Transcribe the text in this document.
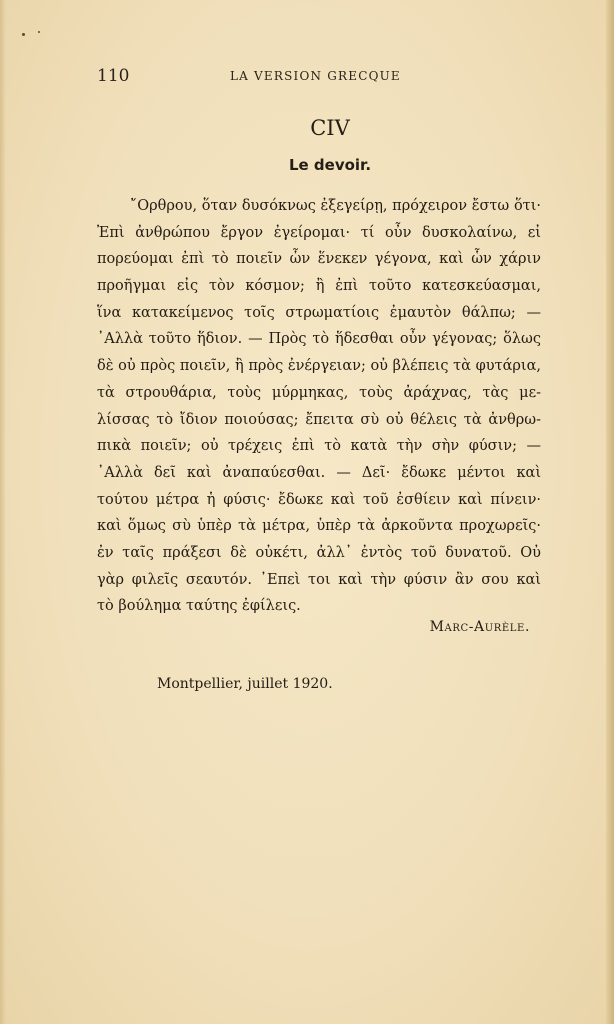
110	LA VERSION GRECQUE
CIV
Le devoir.
῎Ορθρου, ὅταν δυσόκνως ἐξεγείρῃ, πρόχειρον ἔστω ὅτι·
Ἐπὶ ἀνθρώπου ἔργον ἐγείρομαι· τί οὖν δυσκολαίνω, εἰ
πορεύομαι ἐπὶ τὸ ποιεῖν ὧν ἕνεκεν γέγονα, καὶ ὧν χάριν
προῆγμαι εἰς τὸν κόσμον; ἢ ἐπὶ τοῦτο κατεσκεύασμαι,
ἵνα κατακείμενος τοῖς στρωματίοις ἐμαυτὸν θάλπω; —
᾿Αλλὰ τοῦτο ἥδιον. — Πρὸς τὸ ἥδεσθαι οὖν γέγονας; ὅλως
δὲ οὐ πρὸς ποιεῖν, ἢ πρὸς ἐνέργειαν; οὐ βλέπεις τὰ φυτάρια,
τὰ στρουθάρια, τοὺς μύρμηκας, τοὺς ἀράχνας, τὰς με-
λίσσας τὸ ἴδιον ποιούσας; ἔπειτα σὺ οὐ θέλεις τὰ ἀνθρω-
πικὰ ποιεῖν; οὐ τρέχεις ἐπὶ τὸ κατὰ τὴν σὴν φύσιν; —
᾿Αλλὰ δεῖ καὶ ἀναπαύεσθαι. — Δεῖ· ἔδωκε μέντοι καὶ
τούτου μέτρα ἡ φύσις· ἔδωκε καὶ τοῦ ἐσθίειν καὶ πίνειν·
καὶ ὅμως σὺ ὑπὲρ τὰ μέτρα, ὑπὲρ τὰ ἀρκοῦντα προχωρεῖς·
ἐν ταῖς πράξεσι δὲ οὐκέτι, ἀλλ᾿ ἐντὸς τοῦ δυνατοῦ. Οὐ
γὰρ φιλεῖς σεαυτόν. ᾿Επεὶ τοι καὶ τὴν φύσιν ἂν σου καὶ
τὸ βούλημα ταύτης ἐφίλεις.
Marc-Aurèle.
Montpellier, juillet 1920.
